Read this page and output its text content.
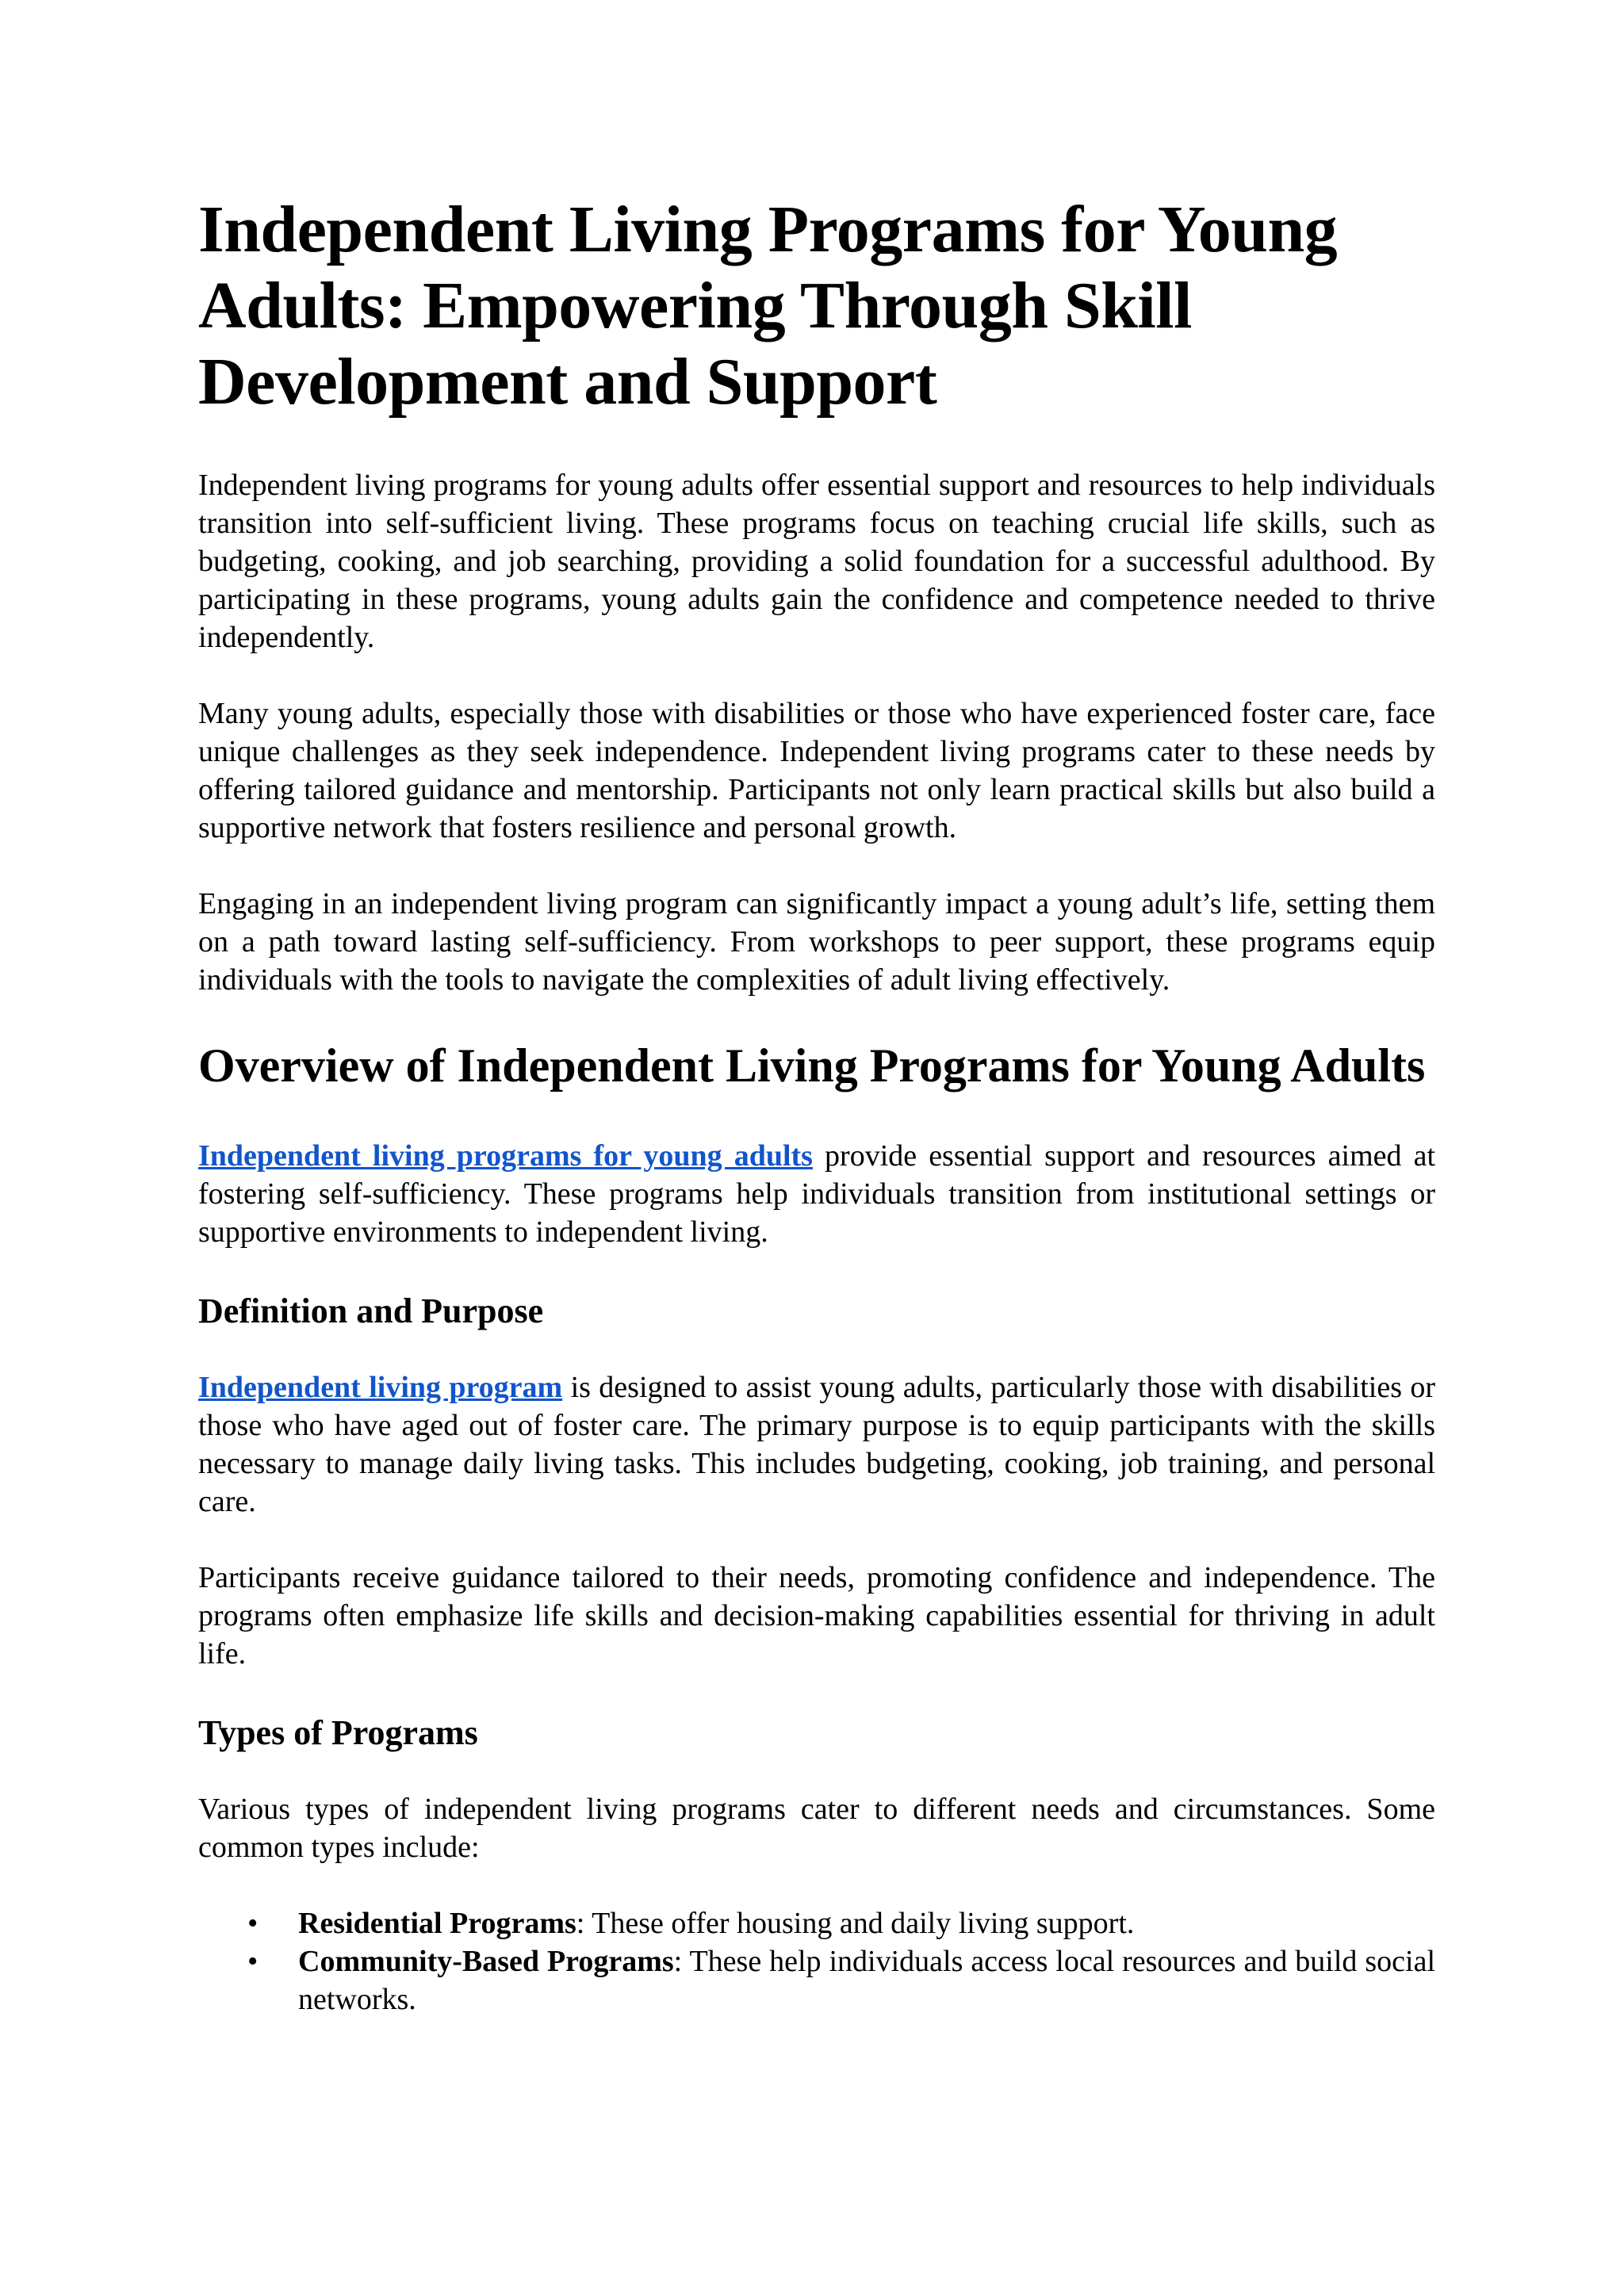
Independent Living Programs for Young Adults: Empowering Through Skill Development and Support

Independent living programs for young adults offer essential support and resources to help individuals transition into self-sufficient living. These programs focus on teaching crucial life skills, such as budgeting, cooking, and job searching, providing a solid foundation for a successful adulthood. By participating in these programs, young adults gain the confidence and competence needed to thrive independently.

Many young adults, especially those with disabilities or those who have experienced foster care, face unique challenges as they seek independence. Independent living programs cater to these needs by offering tailored guidance and mentorship. Participants not only learn practical skills but also build a supportive network that fosters resilience and personal growth.

Engaging in an independent living program can significantly impact a young adult’s life, setting them on a path toward lasting self-sufficiency. From workshops to peer support, these programs equip individuals with the tools to navigate the complexities of adult living effectively.

Overview of Independent Living Programs for Young Adults

Independent living programs for young adults provide essential support and resources aimed at fostering self-sufficiency. These programs help individuals transition from institutional settings or supportive environments to independent living.

Definition and Purpose

Independent living program is designed to assist young adults, particularly those with disabilities or those who have aged out of foster care. The primary purpose is to equip participants with the skills necessary to manage daily living tasks. This includes budgeting, cooking, job training, and personal care.

Participants receive guidance tailored to their needs, promoting confidence and independence. The programs often emphasize life skills and decision-making capabilities essential for thriving in adult life.

Types of Programs

Various types of independent living programs cater to different needs and circumstances. Some common types include:

• Residential Programs: These offer housing and daily living support.
• Community-Based Programs: These help individuals access local resources and build social networks.
